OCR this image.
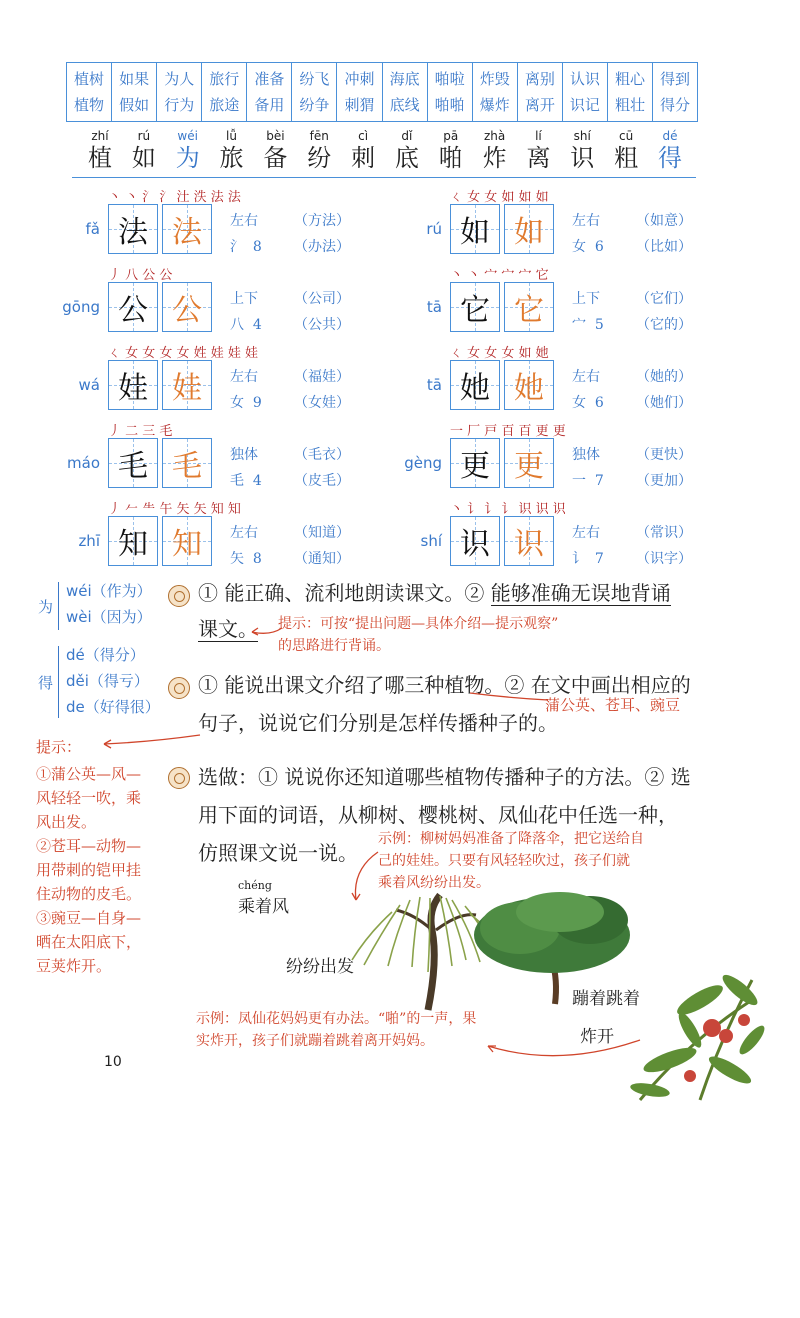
植树
植物
如果
假如
为人
行为
旅行
旅途
准备
备用
纷飞
纷争
冲刺
刺猬
海底
底线
啪啦
啪啪
炸毁
爆炸
离别
离开
认识
识记
粗心
粗壮
得到
得分
zhí
植
rú
如
wéi
为
lǚ
旅
bèi
备
fēn
纷
cì
刺
dǐ
底
pā
啪
zhà
炸
lí
离
shí
识
cū
粗
dé
得
丶 丶 氵 氵 汢 泆 法 法
fǎ 法 法 左右
氵 8
（方法）
（办法）
ㄑ 女 女 如 如 如
rú 如 如 左右
女 6
（如意）
（比如）
丿 八 公 公
gōng 公 公 上下
八 4
（公司）
（公共）
丶 丶 宀 宀 宀 它
tā 它 它 上下
宀 5
（它们）
（它的）
ㄑ 女 女 女 女 姓 娃 娃 娃
wá 娃 娃 左右
女 9
（福娃）
（女娃）
ㄑ 女 女 女 如 她
tā 她 她 左右
女 6
（她的）
（她们）
丿 二 三 毛
máo 毛 毛 独体
毛 4
（毛衣）
（皮毛）
一 厂 戸 百 百 更 更
gèng 更 更 独体
一 7
（更快）
（更加）
丿 𠂉 ⺧ 午 矢 矢 知 知
zhī 知 知 左右
矢 8
（知道）
（通知）
丶 讠 讠 讠 识 识 识
shí 识 识 左右
讠 7
（常识）
（识字）
为
wéi（作为）
wèi（因为）
得
dé（得分）
děi（得亏）
de（好得很）
① 能正确、流利地朗读课文。② 能够准确无误地背诵
课文。	提示：可按“提出问题—具体介绍—提示观察”
的思路进行背诵。
① 能说出课文介绍了哪三种植物。② 在文中画出相应的
句子，说说它们分别是怎样传播种子的。
蒲公英、苍耳、豌豆
提示：
①蒲公英—风—
风轻轻一吹，乘
风出发。
②苍耳—动物—
用带刺的铠甲挂
住动物的皮毛。
③豌豆—自身—
晒在太阳底下，
豆荚炸开。
选做：① 说说你还知道哪些植物传播种子的方法。② 选
用下面的词语，从柳树、樱桃树、凤仙花中任选一种，
仿照课文说一说。
示例：柳树妈妈准备了降落伞，把它送给自
己的娃娃。只要有风轻轻吹过，孩子们就
乘着风纷纷出发。
chéng
乘着风
纷纷出发
蹦着跳着
炸开
示例：凤仙花妈妈更有办法。“啪”的一声，果
实炸开，孩子们就蹦着跳着离开妈妈。
10
